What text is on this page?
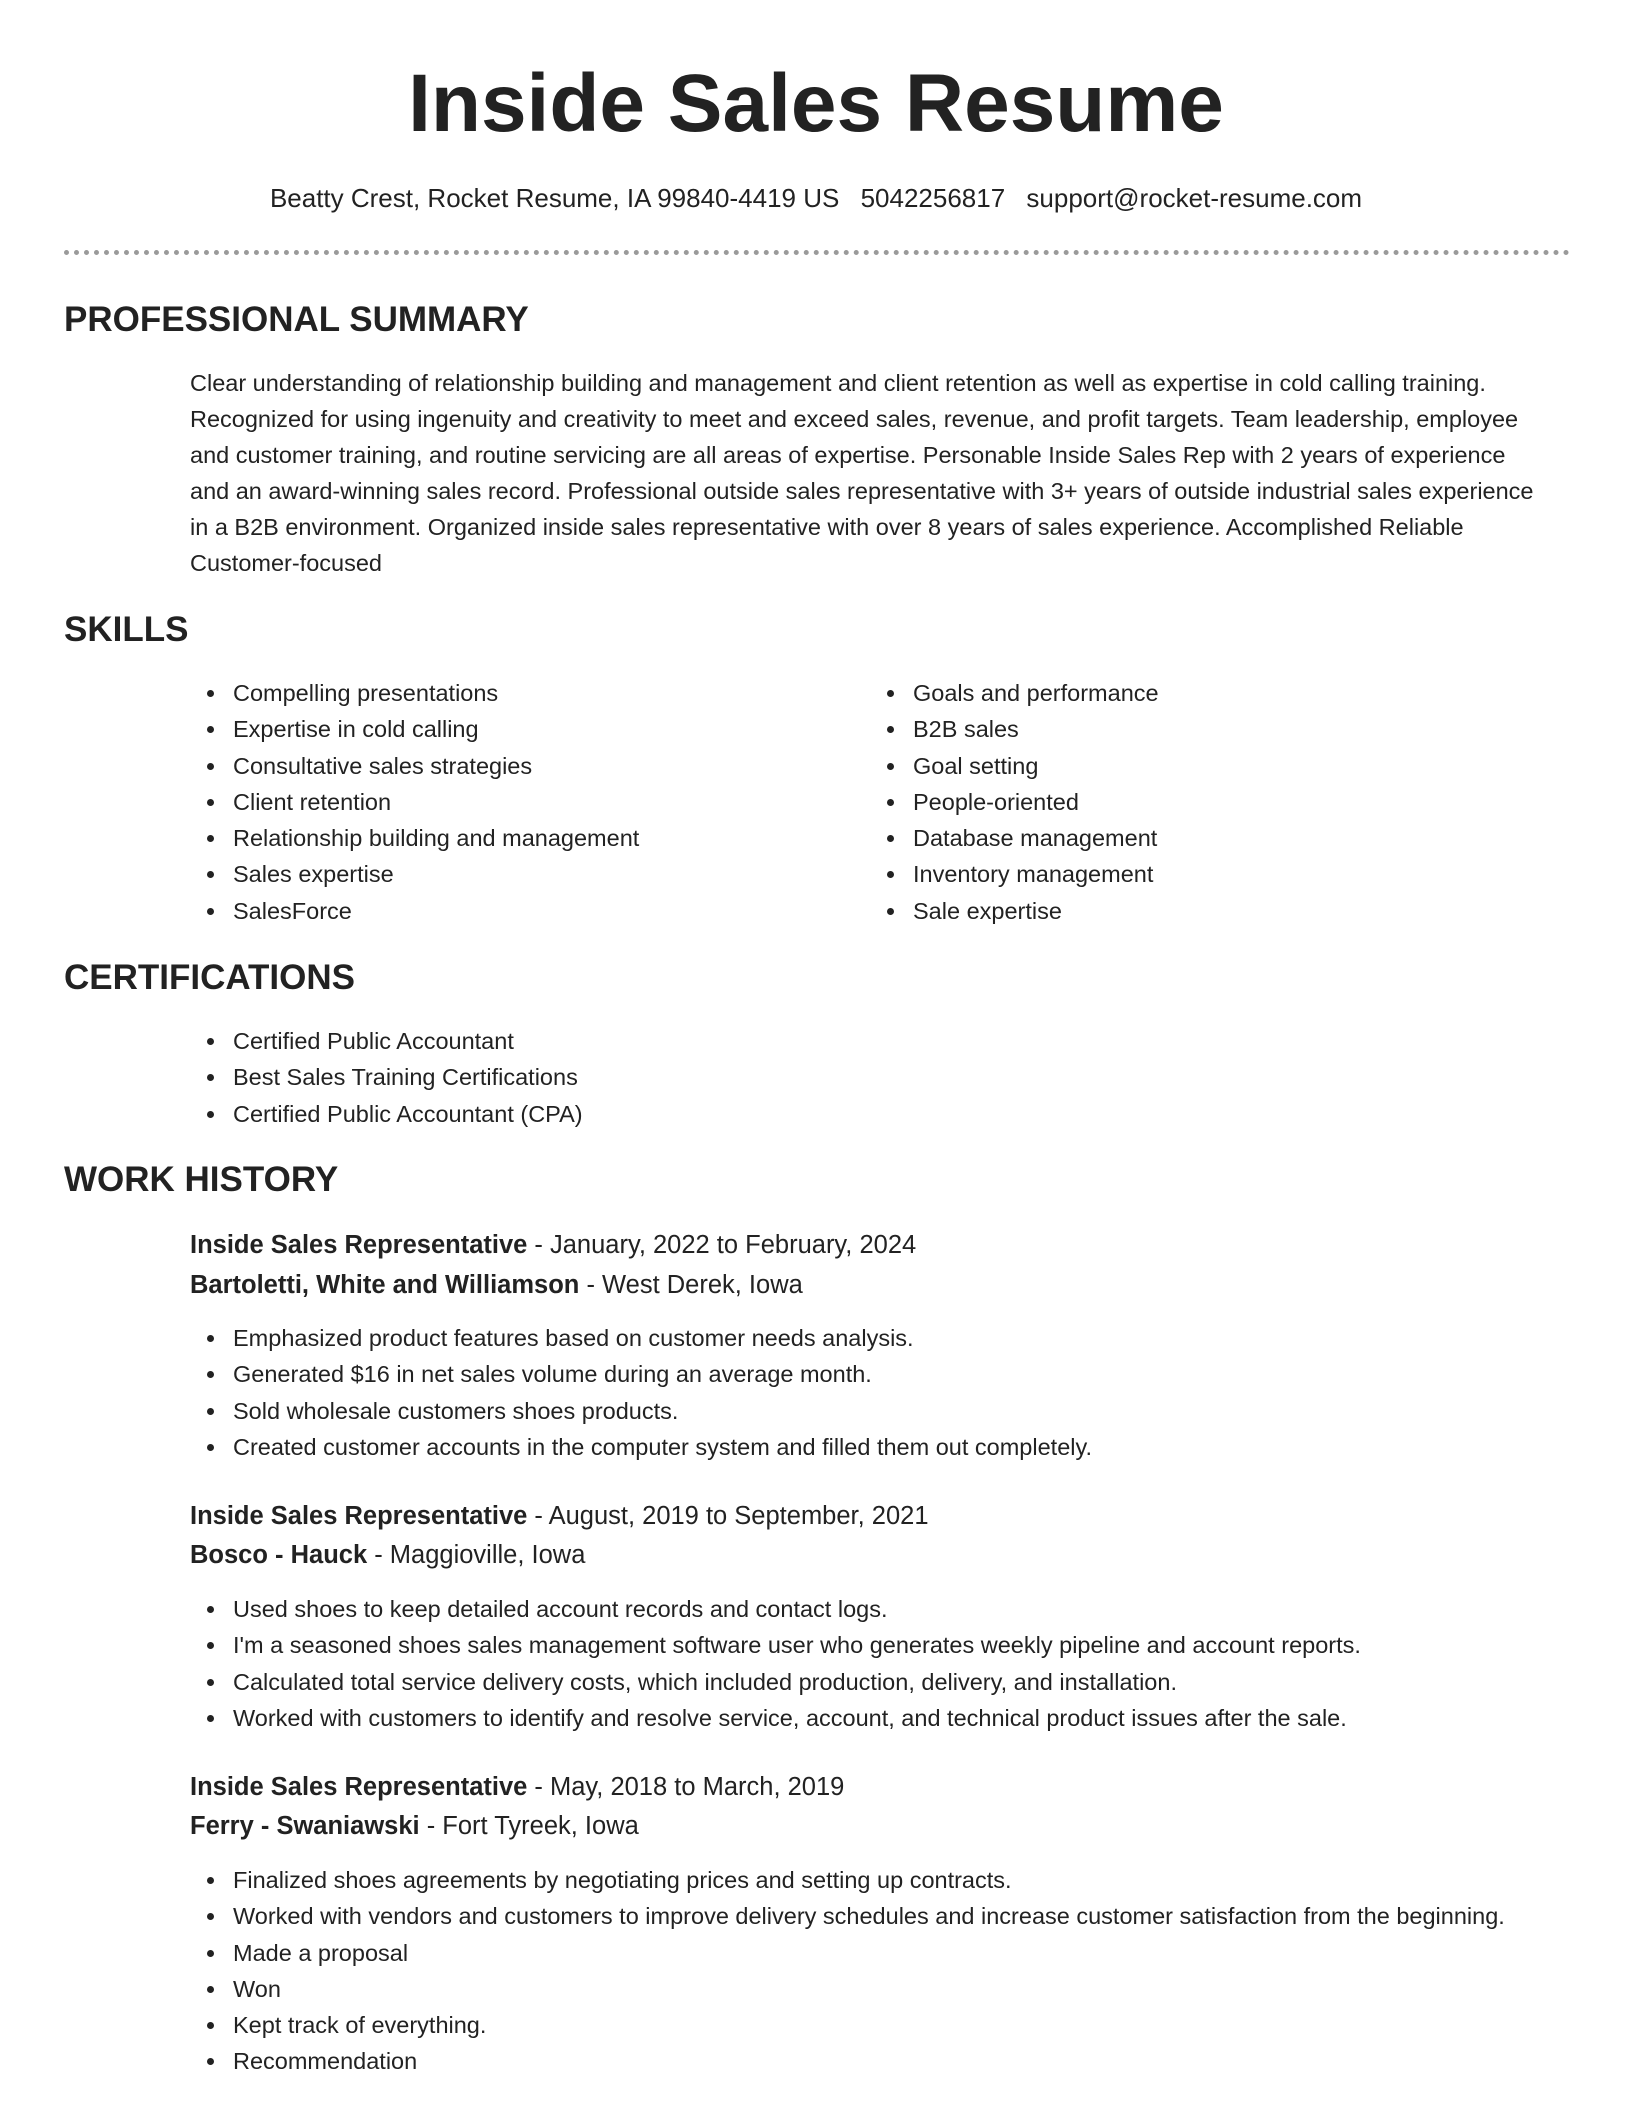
Inside Sales Resume
Beatty Crest, Rocket Resume, IA 99840-4419 US 5042256817 support@rocket-resume.com
PROFESSIONAL SUMMARY

Clear understanding of relationship building and management and client retention as well as expertise in cold calling training. Recognized for using ingenuity and creativity to meet and exceed sales, revenue, and profit targets. Team leadership, employee and customer training, and routine servicing are all areas of expertise. Personable Inside Sales Rep with 2 years of experience and an award-winning sales record. Professional outside sales representative with 3+ years of outside industrial sales experience in a B2B environment. Organized inside sales representative with over 8 years of sales experience. Accomplished Reliable Customer-focused

SKILLS
Compelling presentations
Expertise in cold calling
Consultative sales strategies
Client retention
Relationship building and management
Sales expertise
SalesForce
Goals and performance
B2B sales
Goal setting
People-oriented
Database management
Inventory management
Sale expertise
CERTIFICATIONS
Certified Public Accountant
Best Sales Training Certifications
Certified Public Accountant (CPA)
WORK HISTORY
Inside Sales Representative - January, 2022 to February, 2024
Bartoletti, White and Williamson - West Derek, Iowa
Emphasized product features based on customer needs analysis.
Generated $16 in net sales volume during an average month.
Sold wholesale customers shoes products.
Created customer accounts in the computer system and filled them out completely.
Inside Sales Representative - August, 2019 to September, 2021
Bosco - Hauck - Maggioville, Iowa
Used shoes to keep detailed account records and contact logs.
I'm a seasoned shoes sales management software user who generates weekly pipeline and account reports.
Calculated total service delivery costs, which included production, delivery, and installation.
Worked with customers to identify and resolve service, account, and technical product issues after the sale.
Inside Sales Representative - May, 2018 to March, 2019
Ferry - Swaniawski - Fort Tyreek, Iowa
Finalized shoes agreements by negotiating prices and setting up contracts.
Worked with vendors and customers to improve delivery schedules and increase customer satisfaction from the beginning.
Made a proposal
Won
Kept track of everything.
Recommendation
